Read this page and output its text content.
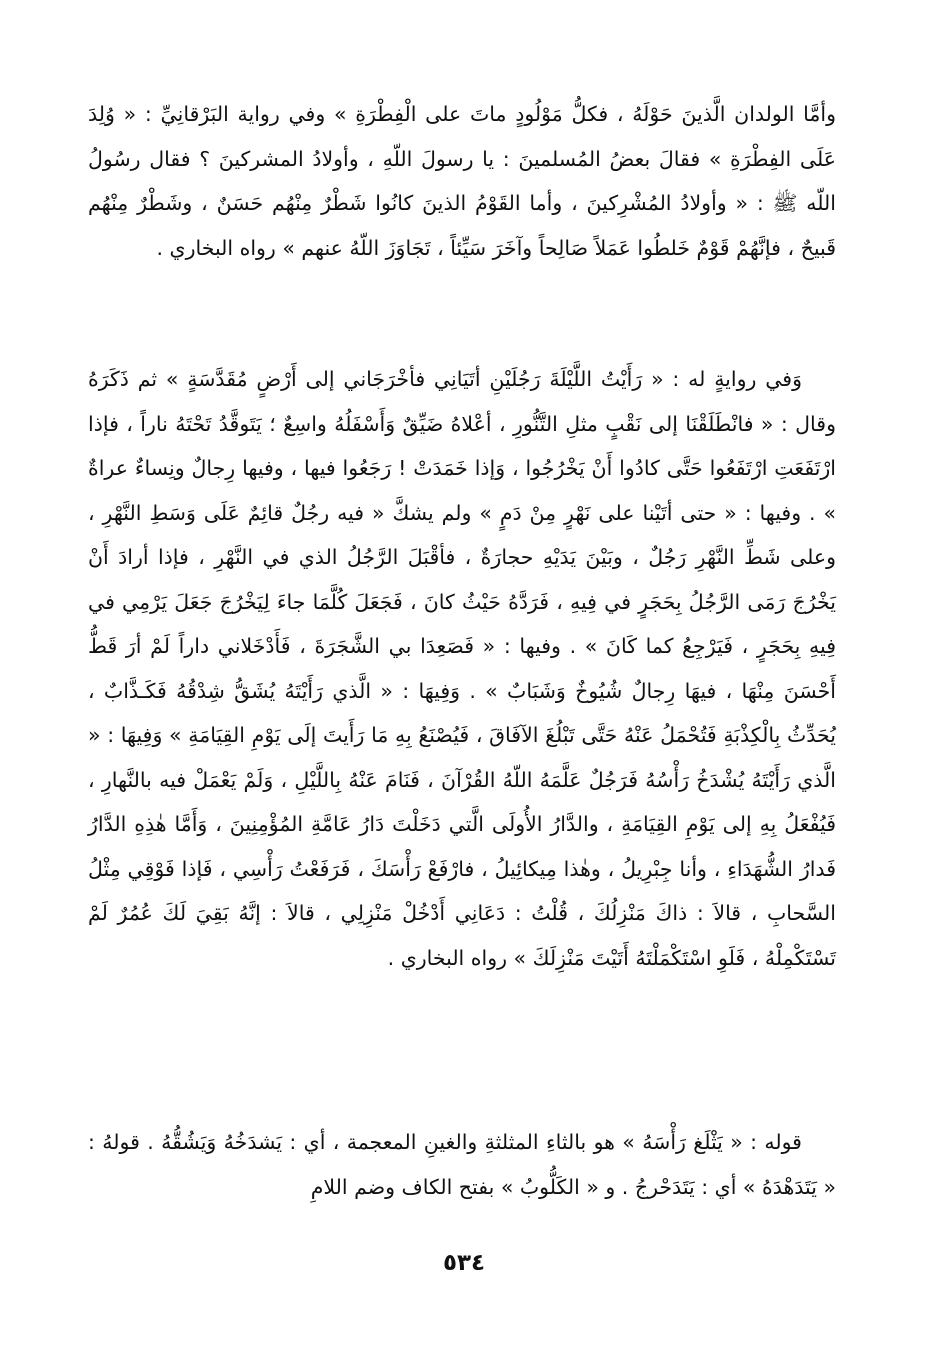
وأمَّا الولدان الَّذينَ حَوْلَهُ ، فكلُّ مَوْلُودٍ ماتَ على الْفِطْرَةِ » وفي رواية البَرْقانِيِّ : « وُلِدَ عَلَى الفِطْرَةِ » فقالَ بعضُ المُسلمينَ : يا رسولَ اللّهِ ، وأولادُ المشركينَ ؟ فقال رسُولُ اللّه ﷺ : « وأولادُ المُشْرِكينَ ، وأما القَوْمُ الذينَ كانُوا شَطْرٌ مِنْهُم حَسَنٌ ، وشَطْرٌ مِنْهُم قَبيحٌ ، فإنَّهُمْ قَوْمٌ خَلطُوا عَمَلاً صَالِحاً وآخَرَ سَيِّئاً ، تَجَاوَزَ اللّهُ عنهم » رواه البخاري .

وَفي روايةٍ له : « رَأَيْتُ اللَّيْلَةَ رَجُلَيْنِ أتَيَانِي فأخْرَجَاني إلى أَرْضٍ مُقَدَّسَةٍ » ثم ذَكَرَهُ وقال : « فانْطَلَقْنَا إلى نَقْبٍ مثلِ التَّنُّورِ ، أعْلاهُ ضَيِّقٌ وَأَسْفَلُهُ واسِعٌ ؛ يَتَوقَّدُ تَحْتَهُ ناراً ، فإذا ارْتَفَعَتِ ارْتَفَعُوا حَتَّى كادُوا أَنْ يَخْرُجُوا ، وَإذا خَمَدَتْ ! رَجَعُوا فيها ، وفيها رِجالٌ ونِساءٌ عراةٌ » . وفيها : « حتى أتَيْنا على نَهْرٍ مِنْ دَمٍ » ولم يشكَّ « فيه رجُلٌ قائِمٌ عَلَى وَسَطِ النَّهْرِ ، وعلى شَطِّ النَّهْرِ رَجُلٌ ، وبَيْنَ يَدَيْهِ حجارَةٌ ، فأقْبَلَ الرَّجُلُ الذي في النَّهْرِ ، فإذا أرادَ أَنْ يَخْرُجَ رَمَى الرَّجُلُ بِحَجَرٍ في فِيهِ ، فَرَدَّهُ حَيْثُ كانَ ، فَجَعَلَ كُلَّمَا جاءَ لِيَخْرُجَ جَعَلَ يَرْمِي في فِيهِ بِحَجَرٍ ، فَيَرْجِعُ كما كَانَ » . وفيها : « فَصَعِدَا بي الشَّجَرَةَ ، فَأَدْخَلاني داراً لَمْ أرَ قَطُّ أَحْسَنَ مِنْهَا ، فيهَا رِجالٌ شُيُوخٌ وَشَبَابٌ » . وَفِيهَا : « الَّذي رَأَيْتَهُ يُشَقُّ شِدْقُهُ فَكَـذَّابٌ ، يُحَدِّثُ بِالْكِذْبَةِ فَتُحْمَلُ عَنْهُ حَتَّى تَبْلُغَ الآفَاقَ ، فَيُصْنَعُ بِهِ مَا رَأَيتَ إلَى يَوْمِ القِيَامَةِ » وَفِيهَا : « الَّذي رَأَيْتَهُ يُشْدَخُ رَأْسُهُ فَرَجُلٌ عَلَّمَهُ اللّهُ القُرْآنَ ، فَنَامَ عَنْهُ بِاللَّيْلِ ، وَلَمْ يَعْمَلْ فيه بالنَّهارِ ، فَيُفْعَلُ بِهِ إلى يَوْمِ القِيَامَةِ ، والدَّارُ الأُولَى الَّتي دَخَلْتَ دَارُ عَامَّةِ المُؤْمِنِينَ ، وَأَمَّا هٰذِهِ الدَّارُ فَدارُ الشُّهَدَاءِ ، وأنا جِبْرِيلُ ، وهٰذا مِيكائِيلُ ، فارْفَعْ رَأْسَكَ ، فَرَفَعْتُ رَأْسِي ، فَإذا فَوْقِي مِثْلُ السَّحابِ ، قالاَ : ذاكَ مَنْزِلُكَ ، قُلْتُ : دَعَانِي أَدْخُلْ مَنْزِلِي ، قالاَ : إنَّهُ بَقِيَ لَكَ عُمُرٌ لَمْ تَسْتَكْمِلْهُ ، فَلَوِ اسْتَكْمَلْتَهُ أَتَيْتَ مَنْزِلَكَ » رواه البخاري .

قوله : « يَثْلَغ رَأْسَهُ » هو بالثاءِ المثلثةِ والغينِ المعجمة ، أي : يَشدَخُهُ وَيَشُقُّهُ . قولهُ : « يَتَدَهْدَهُ » أي : يَتَدَحْرجُ . و « الكَلُّوبُ » بفتح الكاف وضم اللامِ

٥٣٤
